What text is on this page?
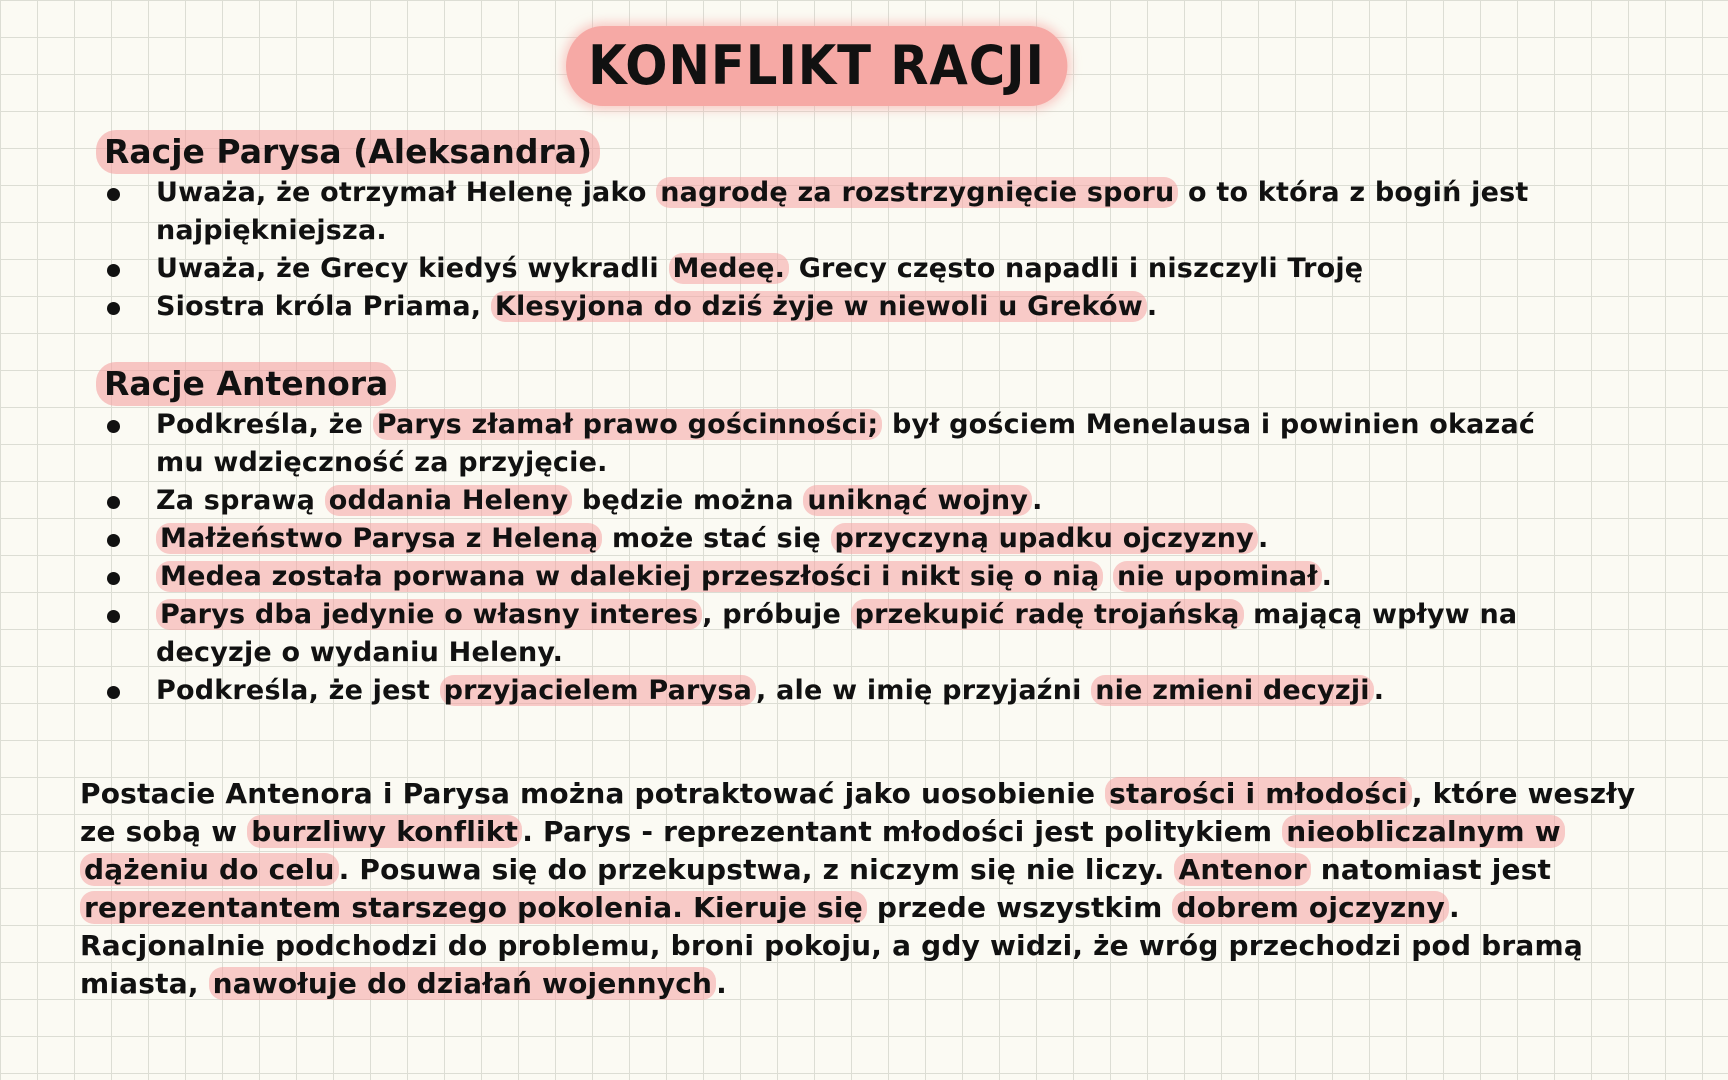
KONFLIKT RACJI
Racje Parysa (Aleksandra)
Uważa, że otrzymał Helenę jako nagrodę za rozstrzygnięcie sporu o to która z bogiń jest najpiękniejsza.
Uważa, że Grecy kiedyś wykradli Medeę. Grecy często napadli i niszczyli Troję
Siostra króla Priama, Klesyjona do dziś żyje w niewoli u Greków .
Racje Antenora
Podkreśla, że Parys złamał prawo gościnności; był gościem Menelausa i powinien okazać mu wdzięczność za przyjęcie.
Za sprawą oddania Heleny będzie można uniknąć wojny .
Małżeństwo Parysa z Heleną może stać się przyczyną upadku ojczyzny .
Medea została porwana w dalekiej przeszłości i nikt się o nią nie upominał .
Parys dba jedynie o własny interes , próbuje przekupić radę trojańską mającą wpływ na decyzje o wydaniu Heleny.
Podkreśla, że jest przyjacielem Parysa , ale w imię przyjaźni nie zmieni decyzji .

Postacie Antenora i Parysa można potraktować jako uosobienie starości i młodości , które weszły ze sobą w burzliwy konflikt . Parys - reprezentant młodości jest politykiem nieobliczalnym w dążeniu do celu . Posuwa się do przekupstwa, z niczym się nie liczy. Antenor natomiast jest reprezentantem starszego pokolenia. Kieruje się przede wszystkim dobrem ojczyzny . Racjonalnie podchodzi do problemu, broni pokoju, a gdy widzi, że wróg przechodzi pod bramą miasta, nawołuje do działań wojennych .
